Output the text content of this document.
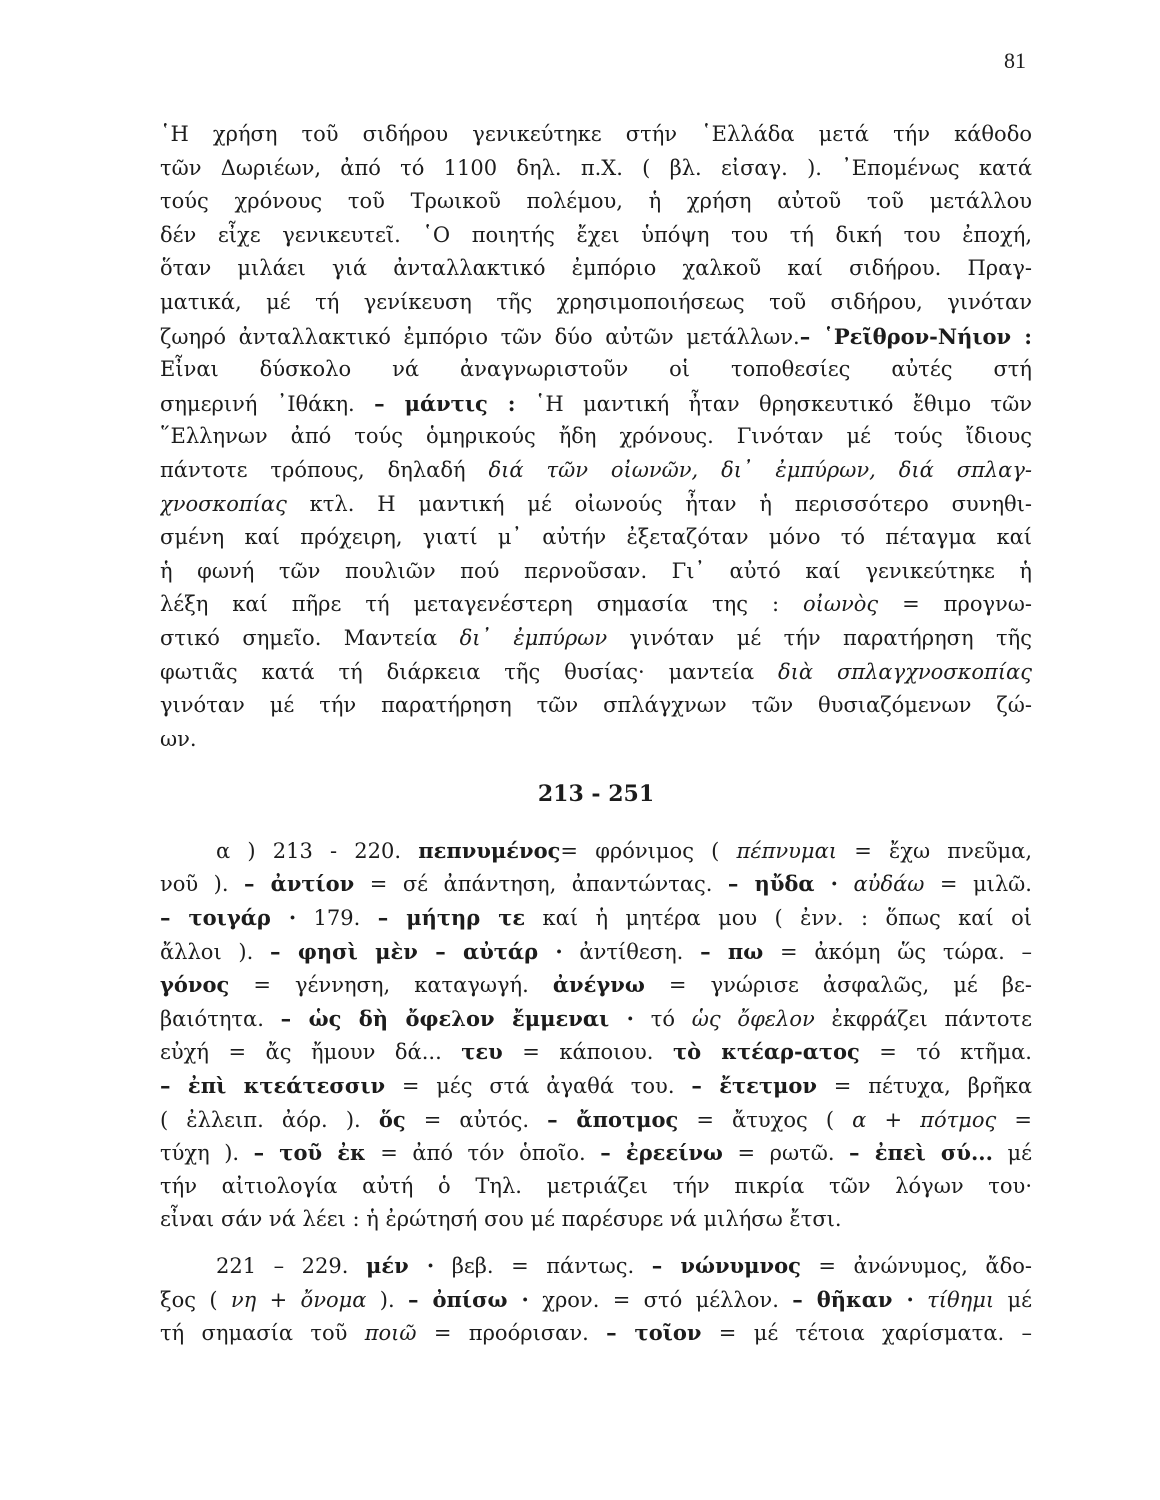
81
῾Η χρήση τοῦ σιδήρου γενικεύτηκε στήν ῾Ελλάδα μετά τήν κάθοδο
τῶν Δωριέων, ἀπό τό 1100 δηλ. π.Χ. ( βλ. εἰσαγ. ). ᾿Επομένως κατά
τούς χρόνους τοῦ Τρωικοῦ πολέμου, ἡ χρήση αὐτοῦ τοῦ μετάλλου
δέν εἶχε γενικευτεῖ. ῾Ο ποιητής ἔχει ὑπόψη του τή δική του ἐποχή,
ὅταν μιλάει γιά ἀνταλλακτικό ἐμπόριο χαλκοῦ καί σιδήρου. Πραγ-
ματικά, μέ τή γενίκευση τῆς χρησιμοποιήσεως τοῦ σιδήρου, γινόταν
ζωηρό ἀνταλλακτικό ἐμπόριο τῶν δύο αὐτῶν μετάλλων.– ῾Ρεῖθρον-Νήιον :
Εἶναι δύσκολο νά ἀναγνωριστοῦν οἱ τοποθεσίες αὐτές στή
σημερινή ᾿Ιθάκη. – μάντις : ῾Η μαντική ἦταν θρησκευτικό ἔθιμο τῶν
῞Ελληνων ἀπό τούς ὁμηρικούς ἤδη χρόνους. Γινόταν μέ τούς ἴδιους
πάντοτε τρόπους, δηλαδή διά τῶν οἰωνῶν, δι᾿ ἐμπύρων, διά σπλαγ-
χνοσκοπίας κτλ. Η μαντική μέ οἰωνούς ἦταν ἡ περισσότερο συνηθι-
σμένη καί πρόχειρη, γιατί μ᾿ αὐτήν ἐξεταζόταν μόνο τό πέταγμα καί
ἡ φωνή τῶν πουλιῶν πού περνοῦσαν. Γι᾿ αὐτό καί γενικεύτηκε ἡ
λέξη καί πῆρε τή μεταγενέστερη σημασία της : οἰωνὸς = προγνω-
στικό σημεῖο. Μαντεία δι᾿ ἐμπύρων γινόταν μέ τήν παρατήρηση τῆς
φωτιᾶς κατά τή διάρκεια τῆς θυσίας· μαντεία διὰ σπλαγχνοσκοπίας
γινόταν μέ τήν παρατήρηση τῶν σπλάγχνων τῶν θυσιαζόμενων ζώ-
ων.
213 - 251
α ) 213 - 220. πεπνυμένος= φρόνιμος ( πέπνυμαι = ἔχω πνεῦμα,
νοῦ ). – ἀντίον = σέ ἀπάντηση, ἀπαντώντας. – ηὔδα · αὐδάω = μιλῶ.
– τοιγάρ · 179. – μήτηρ τε καί ἡ μητέρα μου ( ἐνν. : ὅπως καί οἱ
ἄλλοι ). – φησὶ μὲν – αὐτάρ · ἀντίθεση. – πω = ἀκόμη ὥς τώρα. –
γόνος = γέννηση, καταγωγή. ἀνέγνω = γνώρισε ἀσφαλῶς, μέ βε-
βαιότητα. – ὡς δὴ ὄφελον ἔμμεναι · τό ὡς ὄφελον ἐκφράζει πάντοτε
εὐχή = ἄς ἤμουν δά... τευ = κάποιου. τὸ κτέαρ-ατος = τό κτῆμα.
– ἐπὶ κτεάτεσσιν = μές στά ἀγαθά του. – ἔτετμον = πέτυχα, βρῆκα
( ἐλλειπ. ἀόρ. ). ὅς = αὐτός. – ἄποτμος = ἄτυχος ( α + πότμος =
τύχη ). – τοῦ ἐκ = ἀπό τόν ὁποῖο. – ἐρεείνω = ρωτῶ. – ἐπεὶ σύ... μέ
τήν αἰτιολογία αὐτή ὁ Τηλ. μετριάζει τήν πικρία τῶν λόγων του·
εἶναι σάν νά λέει : ἡ ἐρώτησή σου μέ παρέσυρε νά μιλήσω ἔτσι.
221 – 229. μέν · βεβ. = πάντως. – νώνυμνος = ἀνώνυμος, ἄδο-
ξος ( νη + ὄνομα ). – ὀπίσω · χρον. = στό μέλλον. – θῆκαν · τίθημι μέ
τή σημασία τοῦ ποιῶ = προόρισαν. – τοῖον = μέ τέτοια χαρίσματα. –
